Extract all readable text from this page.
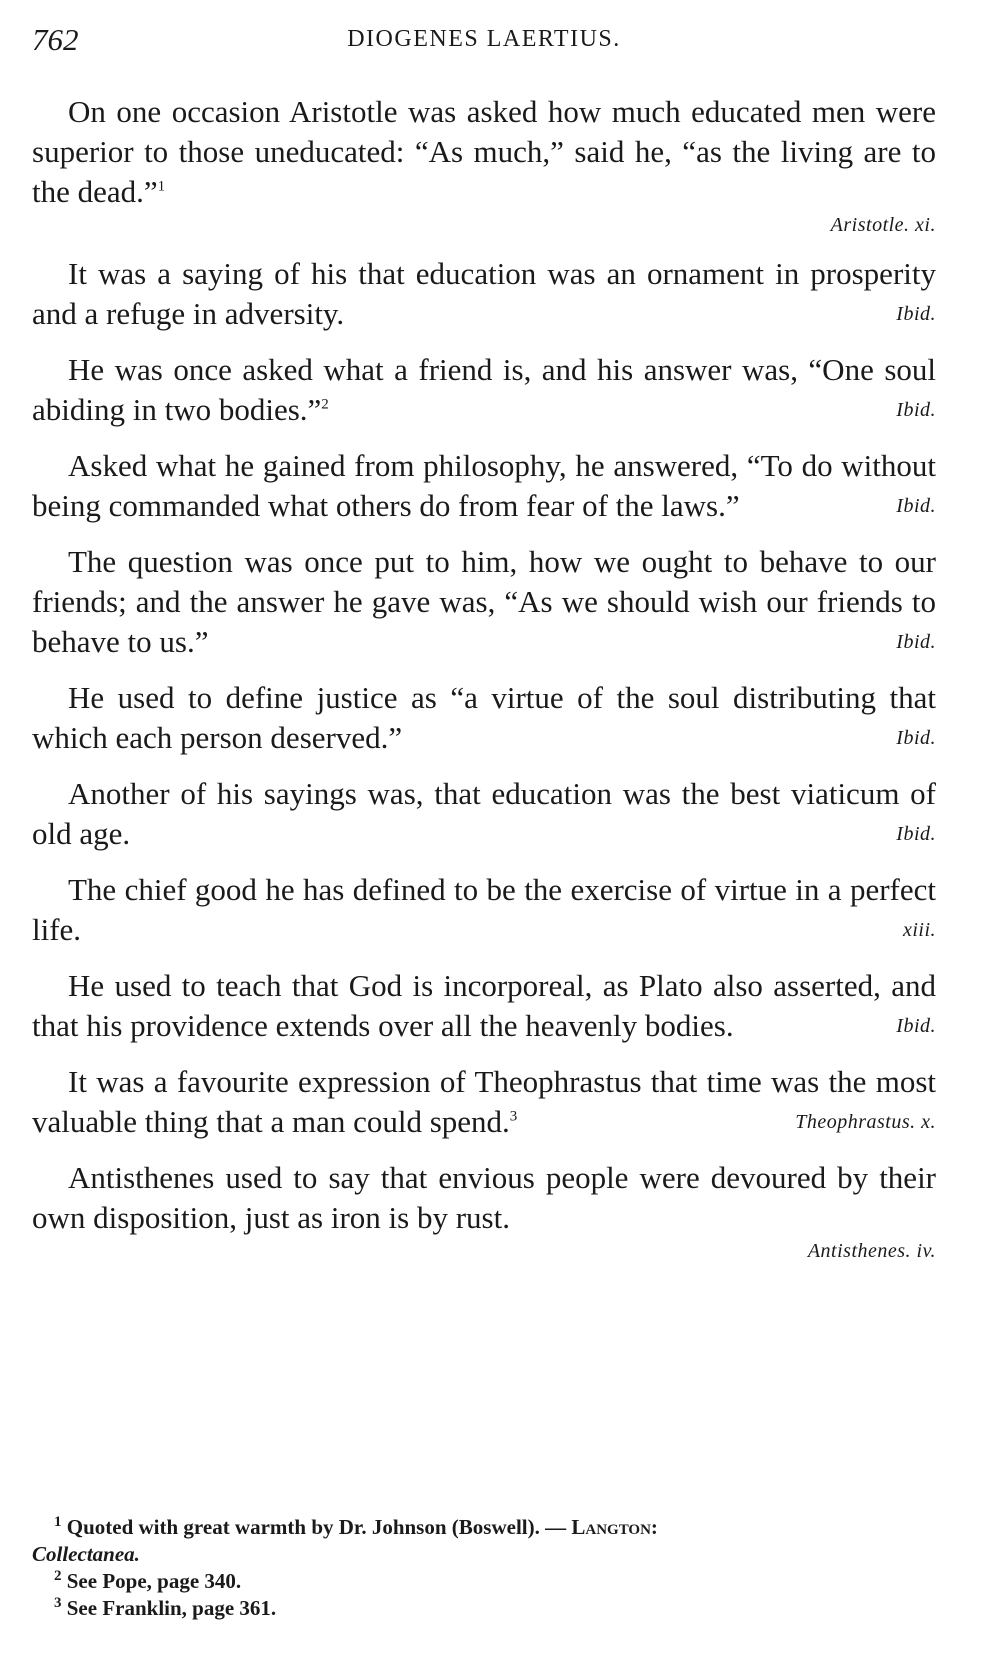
762	DIOGENES LAERTIUS.

On one occasion Aristotle was asked how much educated men were superior to those uneducated: “As much,” said he, “as the living are to the dead.”$^1$

Aristotle. xi.

It was a saying of his that education was an ornament in prosperity and a refuge in adversity.	Ibid.

He was once asked what a friend is, and his answer was, “One soul abiding in two bodies.”$^2$	Ibid.

Asked what he gained from philosophy, he answered, “To do without being commanded what others do from fear of the laws.”	Ibid.

The question was once put to him, how we ought to behave to our friends; and the answer he gave was, “As we should wish our friends to behave to us.”	Ibid.

He used to define justice as “a virtue of the soul distributing that which each person deserved.”	Ibid.

Another of his sayings was, that education was the best viaticum of old age.	Ibid.

The chief good he has defined to be the exercise of virtue in a perfect life.	xiii.

He used to teach that God is incorporeal, as Plato also asserted, and that his providence extends over all the heavenly bodies.	Ibid.

It was a favourite expression of Theophrastus that time was the most valuable thing that a man could spend.$^3$	Theophrastus. x.

Antisthenes used to say that envious people were devoured by their own disposition, just as iron is by rust.

Antisthenes. iv.

$^1$ Quoted with great warmth by Dr. Johnson (Boswell). — Langton:
Collectanea.

$^2$ See Pope, page 340.

$^3$ See Franklin, page 361.
